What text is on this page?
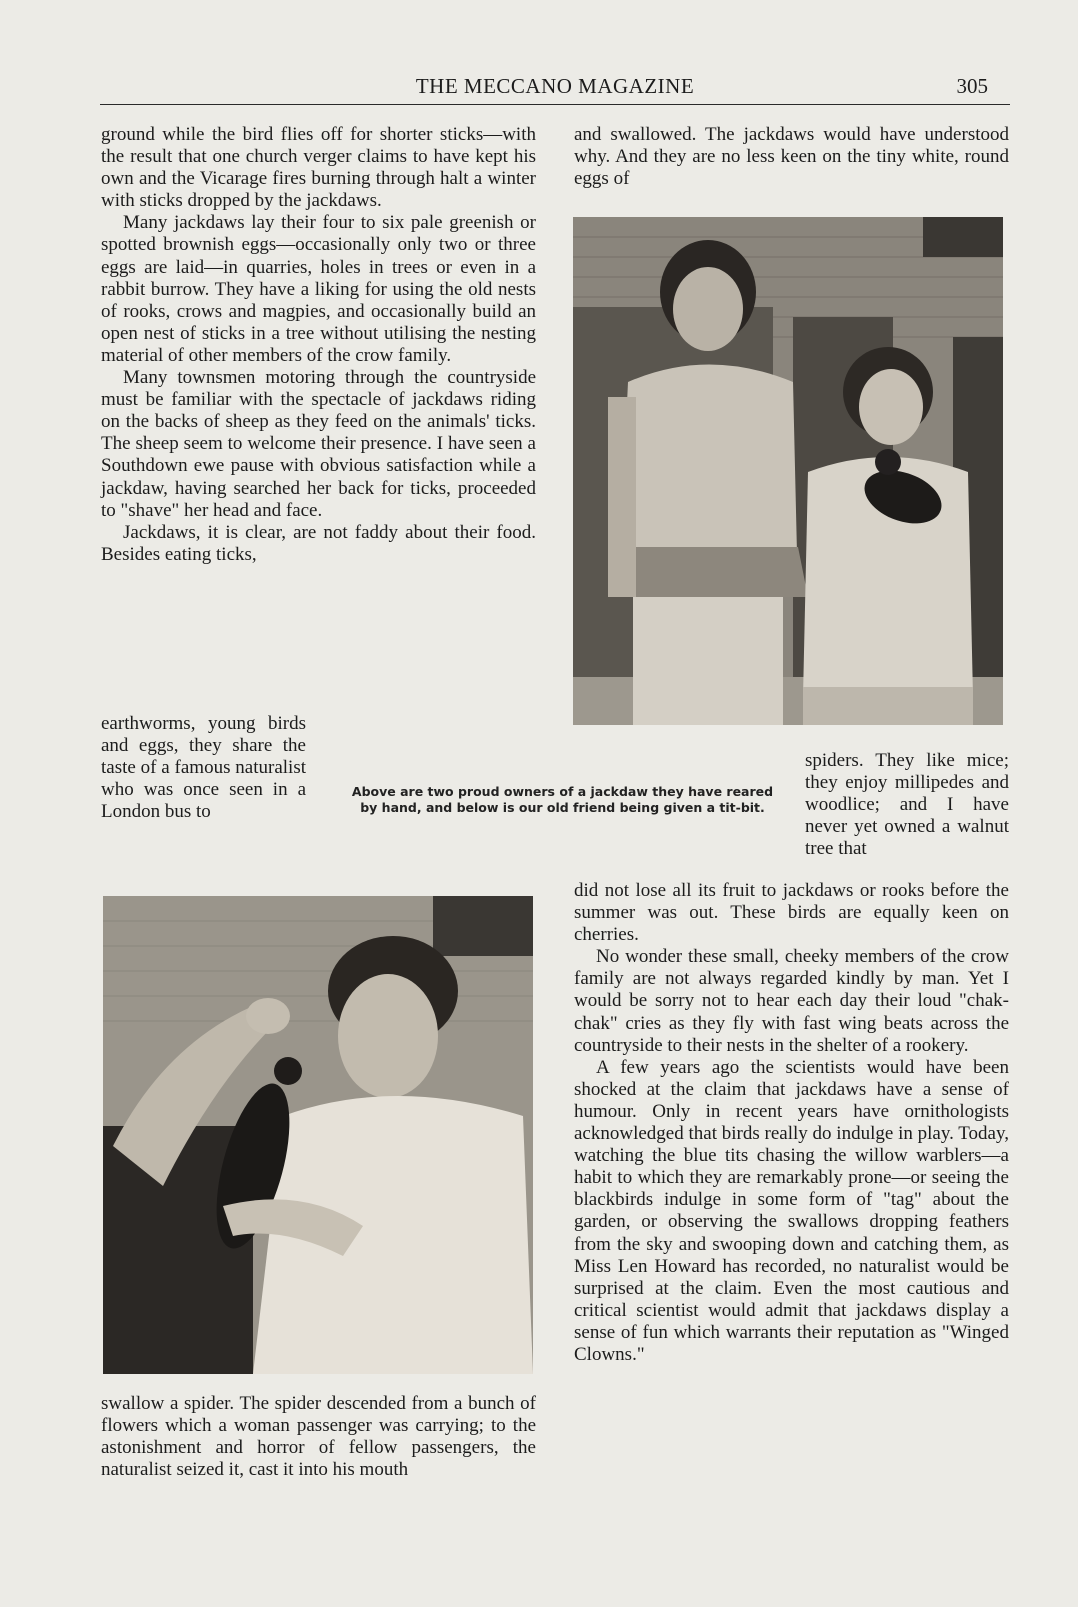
THE MECCANO MAGAZINE	305

ground while the bird flies off for shorter sticks—with the result that one church verger claims to have kept his own and the Vicarage fires burning through halt a winter with sticks dropped by the jackdaws.

Many jackdaws lay their four to six pale greenish or spotted brownish eggs—occasionally only two or three eggs are laid—in quarries, holes in trees or even in a rabbit burrow. They have a liking for using the old nests of rooks, crows and magpies, and occasionally build an open nest of sticks in a tree without utilising the nesting material of other members of the crow family.

Many townsmen motoring through the countryside must be familiar with the spectacle of jackdaws riding on the backs of sheep as they feed on the animals' ticks. The sheep seem to welcome their presence. I have seen a Southdown ewe pause with obvious satisfaction while a jackdaw, having searched her back for ticks, proceeded to "shave" her head and face.

Jackdaws, it is clear, are not faddy about their food. Besides eating ticks,

earthworms, young birds and eggs, they share the taste of a famous naturalist who was once seen in a London bus to

Above are two proud owners of a jackdaw they have reared by hand, and below is our old friend being given a tit-bit.

and swallowed. The jackdaws would have understood why. And they are no less keen on the tiny white, round eggs of

spiders. They like mice; they enjoy millipedes and woodlice; and I have never yet owned a walnut tree that

swallow a spider. The spider descended from a bunch of flowers which a woman passenger was carrying; to the astonishment and horror of fellow passengers, the naturalist seized it, cast it into his mouth

did not lose all its fruit to jackdaws or rooks before the summer was out. These birds are equally keen on cherries.

No wonder these small, cheeky members of the crow family are not always regarded kindly by man. Yet I would be sorry not to hear each day their loud "chak-chak" cries as they fly with fast wing beats across the countryside to their nests in the shelter of a rookery.

A few years ago the scientists would have been shocked at the claim that jackdaws have a sense of humour. Only in recent years have ornithologists acknowledged that birds really do indulge in play. Today, watching the blue tits chasing the willow warblers—a habit to which they are remarkably prone—or seeing the blackbirds indulge in some form of "tag" about the garden, or observing the swallows dropping feathers from the sky and swooping down and catching them, as Miss Len Howard has recorded, no naturalist would be surprised at the claim. Even the most cautious and critical scientist would admit that jackdaws display a sense of fun which warrants their reputation as "Winged Clowns."
